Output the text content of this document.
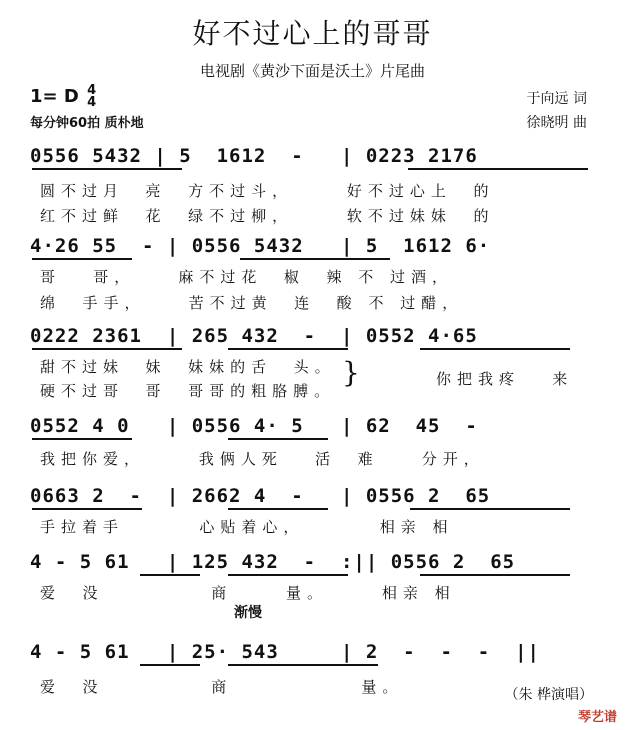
好不过心上的哥哥
电视剧《黄沙下面是沃土》片尾曲
1= D 4
4
每分钟60拍 质朴地
于向远 词
徐晓明 曲
0556 5432 | 5  1612  -   | 0223 2176
圆不过月  亮  方不过斗，     好不过心上  的
红不过鲜  花  绿不过柳，     软不过妹妹  的
4·26 55  - | 0556 5432   | 5  1612 6·
哥   哥，    麻不过花  椒  辣 不 过酒，
绵  手手，    苦不过黄  连  酸 不 过醋，
0222 2361  | 265 432  -  | 0552 4·65
甜不过妹  妹  妹妹的舌  头。
硬不过哥  哥  哥哥的粗胳膊。
}	你把我疼   来
0552 4 0   | 0556 4· 5   | 62  45  -
我把你爱，     我俩人死   活  难    分开，
0663 2  -  | 2662 4  -   | 0556 2  65
手拉着手       心贴着心，       相亲 相
4 - 5 61   | 125 432  -  :|| 0556 2  65
爱  没          商     量。     相亲 相
渐慢
4 - 5 61   | 25· 543     | 2  -  -  -  ||
爱  没          商            量。	（朱 桦演唱）
琴艺谱
